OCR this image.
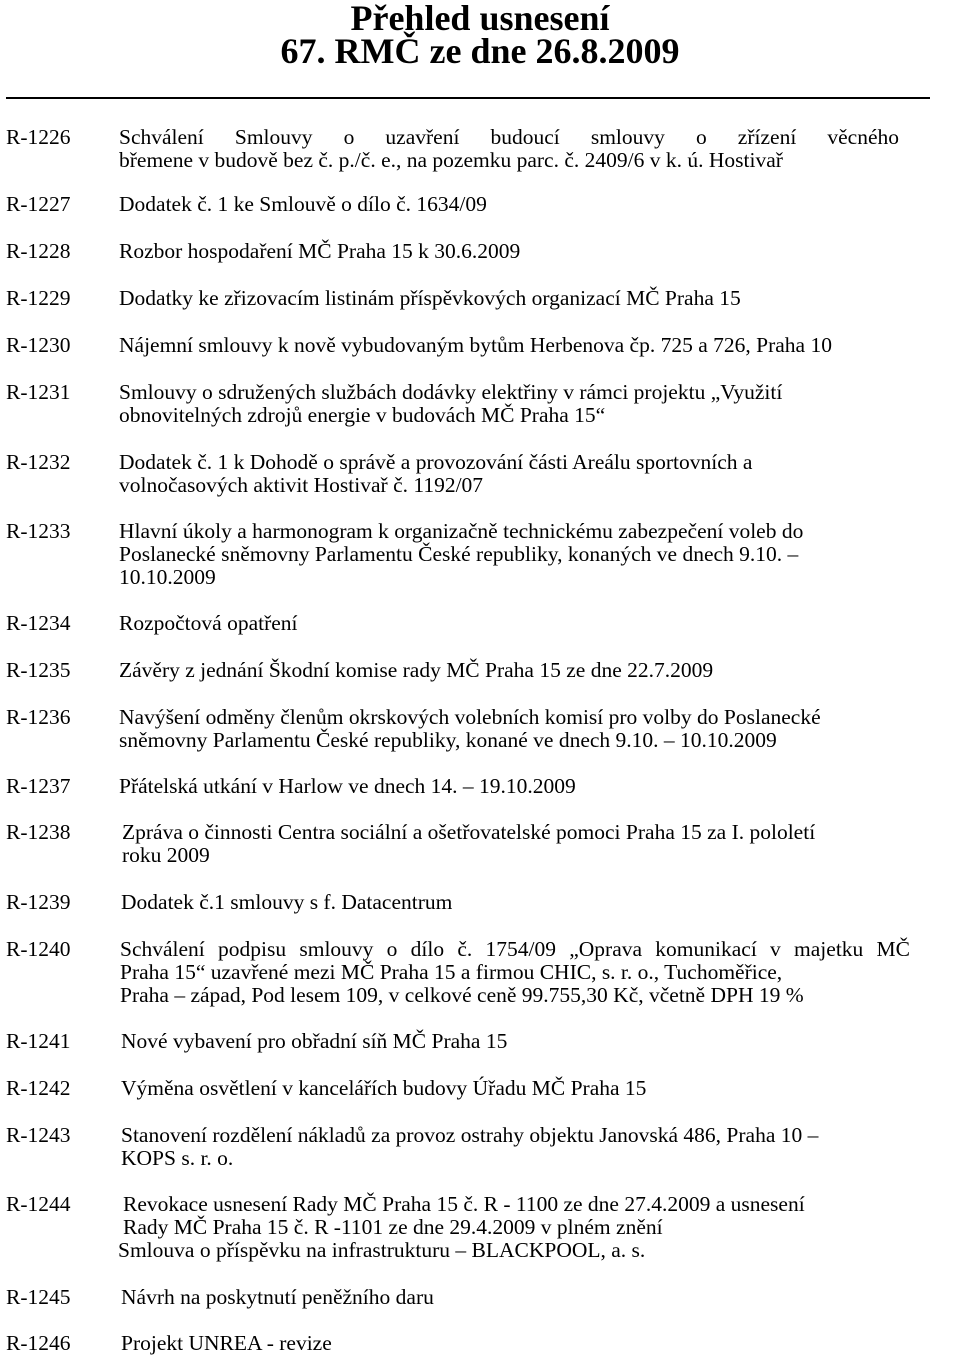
Přehled usnesení
67. RMČ ze dne 26.8.2009
R-1226 Schválení Smlouvy o uzavření budoucí smlouvy o zřízení věcného
břemene v budově bez č. p./č. e., na pozemku parc. č. 2409/6 v k. ú. Hostivař
R-1227 Dodatek č. 1 ke Smlouvě o dílo č. 1634/09
R-1228 Rozbor hospodaření MČ Praha 15 k 30.6.2009
R-1229 Dodatky ke zřizovacím listinám příspěvkových organizací MČ Praha 15
R-1230 Nájemní smlouvy k nově vybudovaným bytům Herbenova čp. 725 a 726, Praha 10
R-1231 Smlouvy o sdružených službách dodávky elektřiny v rámci projektu „Využití
obnovitelných zdrojů energie v budovách MČ Praha 15“
R-1232 Dodatek č. 1 k Dohodě o správě a provozování části Areálu sportovních a
volnočasových aktivit Hostivař č. 1192/07
R-1233 Hlavní úkoly a harmonogram k organizačně technickému zabezpečení voleb do
Poslanecké sněmovny Parlamentu České republiky, konaných ve dnech 9.10. –
10.10.2009
R-1234 Rozpočtová opatření
R-1235 Závěry z jednání Škodní komise rady MČ Praha 15 ze dne 22.7.2009
R-1236 Navýšení odměny členům okrskových volebních komisí pro volby do Poslanecké
sněmovny Parlamentu České republiky, konané ve dnech 9.10. – 10.10.2009
R-1237 Přátelská utkání v Harlow ve dnech 14. – 19.10.2009
R-1238 Zpráva o činnosti Centra sociální a ošetřovatelské pomoci Praha 15 za I. pololetí
roku 2009
R-1239 Dodatek č.1 smlouvy s f. Datacentrum
R-1240 Schválení podpisu smlouvy o dílo č. 1754/09 „Oprava komunikací v majetku MČ
Praha 15“ uzavřené mezi MČ Praha 15 a firmou CHIC, s. r. o., Tuchoměřice,
Praha – západ, Pod lesem 109, v celkové ceně 99.755,30 Kč, včetně DPH 19 %
R-1241 Nové vybavení pro obřadní síň MČ Praha 15
R-1242 Výměna osvětlení v kancelářích budovy Úřadu MČ Praha 15
R-1243 Stanovení rozdělení nákladů za provoz ostrahy objektu Janovská 486, Praha 10 –
KOPS s. r. o.
R-1244 Revokace usnesení Rady MČ Praha 15 č. R - 1100 ze dne 27.4.2009 a usnesení
Rady MČ Praha 15 č. R -1101 ze dne 29.4.2009 v plném znění
Smlouva o příspěvku na infrastrukturu – BLACKPOOL, a. s.
R-1245 Návrh na poskytnutí peněžního daru
R-1246 Projekt UNREA - revize
